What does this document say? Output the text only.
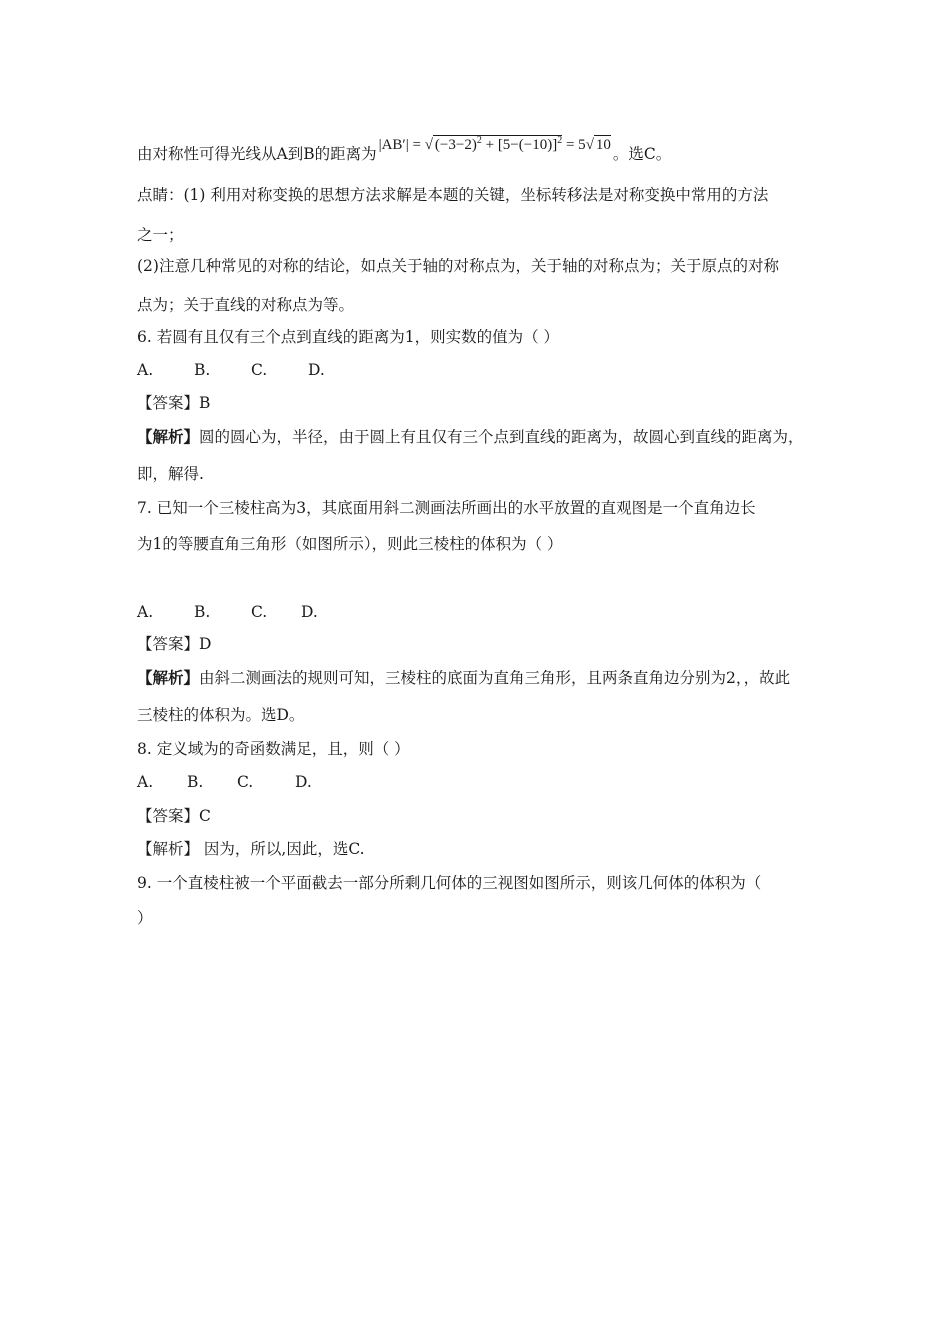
由对称性可得光线从A到B的距离为 |AB′| = √ $(-3-2)^2 + [5-(-10)]^2 = 5√$ 10 。选C。
点睛：(1) 利用对称变换的思想方法求解是本题的关键，坐标转移法是对称变换中常用的方法
之一；
(2)注意几种常见的对称的结论，如点关于轴的对称点为，关于轴的对称点为；关于原点的对称
点为；关于直线的对称点为等。
6. 若圆有且仅有三个点到直线的距离为1，则实数的值为（ ）
A.	B.	C.	D.
【答案】B
【解析】圆的圆心为，半径，由于圆上有且仅有三个点到直线的距离为，故圆心到直线的距离为，
即，解得.
7. 已知一个三棱柱高为3，其底面用斜二测画法所画出的水平放置的直观图是一个直角边长
为1的等腰直角三角形（如图所示），则此三棱柱的体积为（ ）
A.	B.	C. D.
【答案】D
【解析】由斜二测画法的规则可知，三棱柱的底面为直角三角形，且两条直角边分别为2，，故此
三棱柱的体积为。选D。
8. 定义域为的奇函数满足，且，则（ ）
A. B. C.	D.
【答案】C
【解析】 因为，所以,因此，选C.
9. 一个直棱柱被一个平面截去一部分所剩几何体的三视图如图所示，则该几何体的体积为（
）
